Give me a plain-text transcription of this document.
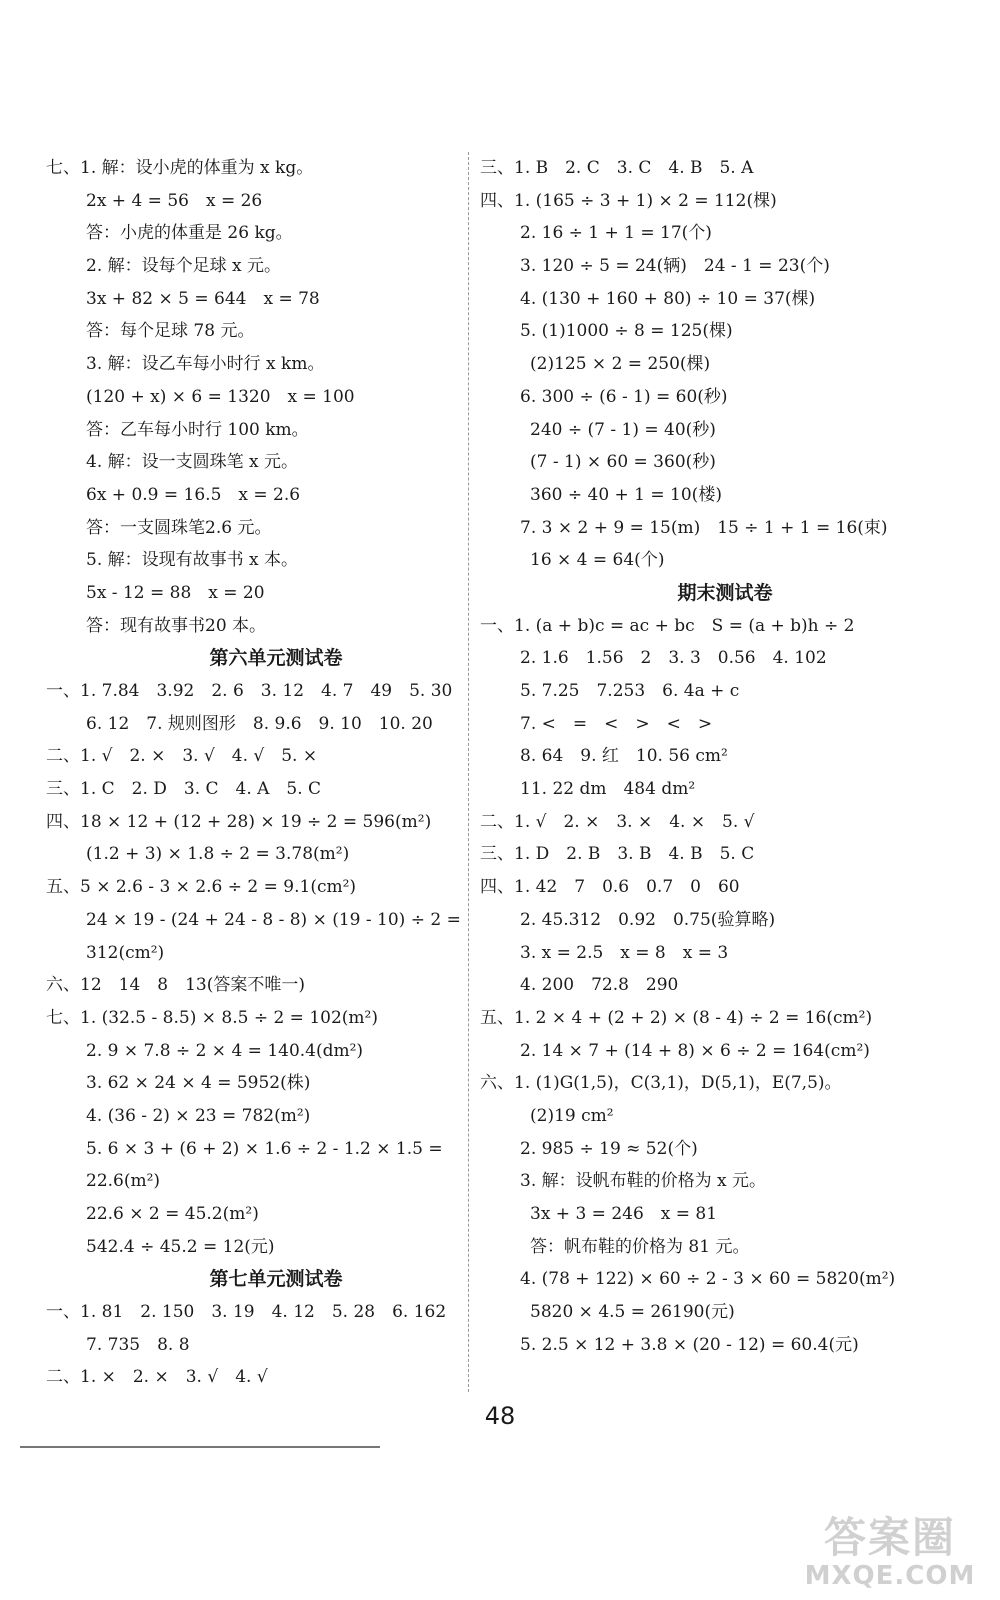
七、1. 解：设小虎的体重为 x kg。
2x + 4 = 56　x = 26
答：小虎的体重是 26 kg。
2. 解：设每个足球 x 元。
3x + 82 × 5 = 644　x = 78
答：每个足球 78 元。
3. 解：设乙车每小时行 x km。
(120 + x) × 6 = 1320　x = 100
答：乙车每小时行 100 km。
4. 解：设一支圆珠笔 x 元。
6x + 0.9 = 16.5　x = 2.6
答：一支圆珠笔2.6 元。
5. 解：设现有故事书 x 本。
5x - 12 = 88　x = 20
答：现有故事书20 本。
第六单元测试卷
一、1. 7.84　3.92　2. 6　3. 12　4. 7　49　5. 30
6. 12　7. 规则图形　8. 9.6　9. 10　10. 20
二、1. √　2. ×　3. √　4. √　5. ×
三、1. C　2. D　3. C　4. A　5. C
四、18 × 12 + (12 + 28) × 19 ÷ 2 = 596(m²)
(1.2 + 3) × 1.8 ÷ 2 = 3.78(m²)
五、5 × 2.6 - 3 × 2.6 ÷ 2 = 9.1(cm²)
24 × 19 - (24 + 24 - 8 - 8) × (19 - 10) ÷ 2 =
312(cm²)
六、12　14　8　13(答案不唯一)
七、1. (32.5 - 8.5) × 8.5 ÷ 2 = 102(m²)
2. 9 × 7.8 ÷ 2 × 4 = 140.4(dm²)
3. 62 × 24 × 4 = 5952(株)
4. (36 - 2) × 23 = 782(m²)
5. 6 × 3 + (6 + 2) × 1.6 ÷ 2 - 1.2 × 1.5 =
22.6(m²)
22.6 × 2 = 45.2(m²)
542.4 ÷ 45.2 = 12(元)
第七单元测试卷
一、1. 81　2. 150　3. 19　4. 12　5. 28　6. 162
7. 735　8. 8
二、1. ×　2. ×　3. √　4. √
三、1. B　2. C　3. C　4. B　5. A
四、1. (165 ÷ 3 + 1) × 2 = 112(棵)
2. 16 ÷ 1 + 1 = 17(个)
3. 120 ÷ 5 = 24(辆)　24 - 1 = 23(个)
4. (130 + 160 + 80) ÷ 10 = 37(棵)
5. (1)1000 ÷ 8 = 125(棵)
(2)125 × 2 = 250(棵)
6. 300 ÷ (6 - 1) = 60(秒)
240 ÷ (7 - 1) = 40(秒)
(7 - 1) × 60 = 360(秒)
360 ÷ 40 + 1 = 10(楼)
7. 3 × 2 + 9 = 15(m)　15 ÷ 1 + 1 = 16(束)
16 × 4 = 64(个)
期末测试卷
一、1. (a + b)c = ac + bc　S = (a + b)h ÷ 2
2. 1.6　1.56　2　3. 3　0.56　4. 102
5. 7.25　7.253　6. 4a + c
7. <　=　<　>　<　>
8. 64　9. 红　10. 56 cm²
11. 22 dm　484 dm²
二、1. √　2. ×　3. ×　4. ×　5. √
三、1. D　2. B　3. B　4. B　5. C
四、1. 42　7　0.6　0.7　0　60
2. 45.312　0.92　0.75(验算略)
3. x = 2.5　x = 8　x = 3
4. 200　72.8　290
五、1. 2 × 4 + (2 + 2) × (8 - 4) ÷ 2 = 16(cm²)
2. 14 × 7 + (14 + 8) × 6 ÷ 2 = 164(cm²)
六、1. (1)G(1,5)，C(3,1)，D(5,1)，E(7,5)。
(2)19 cm²
2. 985 ÷ 19 ≈ 52(个)
3. 解：设帆布鞋的价格为 x 元。
3x + 3 = 246　x = 81
答：帆布鞋的价格为 81 元。
4. (78 + 122) × 60 ÷ 2 - 3 × 60 = 5820(m²)
5820 × 4.5 = 26190(元)
5. 2.5 × 12 + 3.8 × (20 - 12) = 60.4(元)
48
答案圈
MXQE.COM
